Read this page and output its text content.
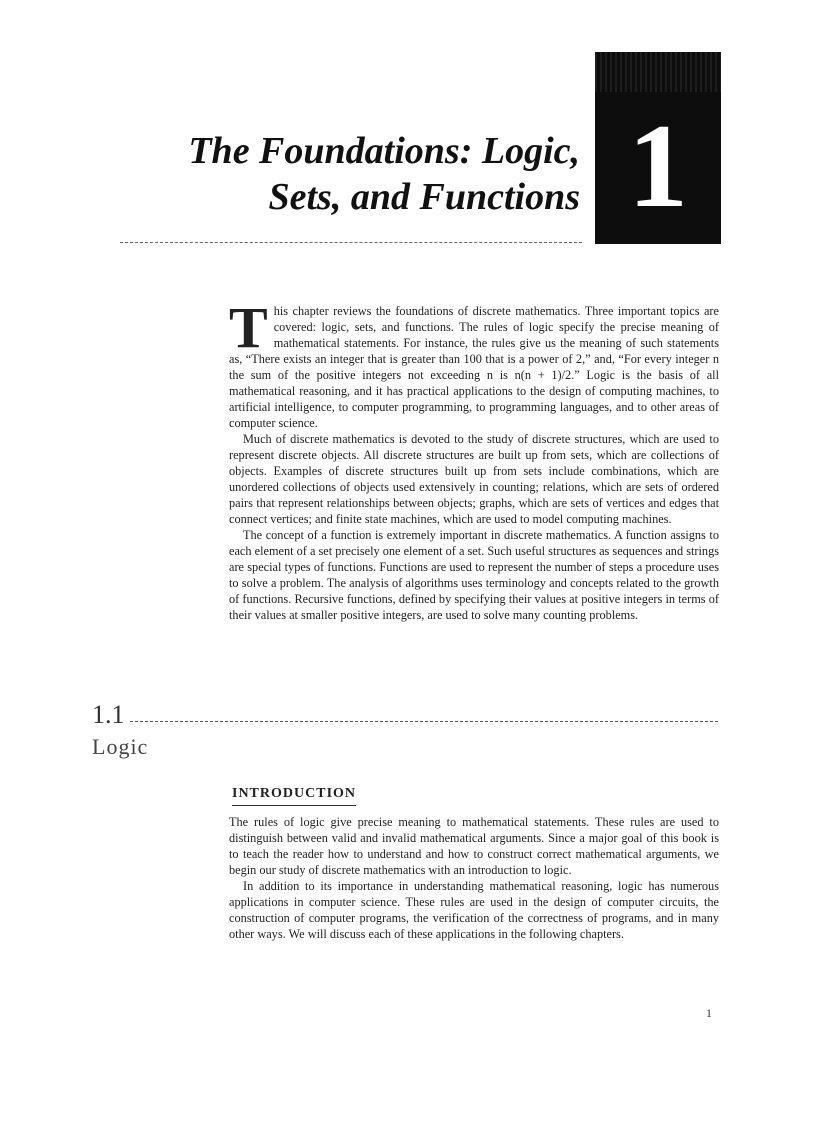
The Foundations: Logic,
Sets, and Functions 1

This chapter reviews the foundations of discrete mathematics. Three important topics are covered: logic, sets, and functions. The rules of logic specify the precise meaning of mathematical statements. For instance, the rules give us the meaning of such statements as, “There exists an integer that is greater than 100 that is a power of 2,” and, “For every integer n the sum of the positive integers not exceeding n is n(n + 1)/2.” Logic is the basis of all mathematical reasoning, and it has practical applications to the design of computing machines, to artificial intelligence, to computer programming, to programming languages, and to other areas of computer science.

Much of discrete mathematics is devoted to the study of discrete structures, which are used to represent discrete objects. All discrete structures are built up from sets, which are collections of objects. Examples of discrete structures built up from sets include combinations, which are unordered collections of objects used extensively in counting; relations, which are sets of ordered pairs that represent relationships between objects; graphs, which are sets of vertices and edges that connect vertices; and finite state machines, which are used to model computing machines.

The concept of a function is extremely important in discrete mathematics. A function assigns to each element of a set precisely one element of a set. Such useful structures as sequences and strings are special types of functions. Functions are used to represent the number of steps a procedure uses to solve a problem. The analysis of algorithms uses terminology and concepts related to the growth of functions. Recursive functions, defined by specifying their values at positive integers in terms of their values at smaller positive integers, are used to solve many counting problems.

1.1
Logic
INTRODUCTION

The rules of logic give precise meaning to mathematical statements. These rules are used to distinguish between valid and invalid mathematical arguments. Since a major goal of this book is to teach the reader how to understand and how to construct correct mathematical arguments, we begin our study of discrete mathematics with an introduction to logic.

In addition to its importance in understanding mathematical reasoning, logic has numerous applications in computer science. These rules are used in the design of computer circuits, the construction of computer programs, the verification of the correctness of programs, and in many other ways. We will discuss each of these applications in the following chapters.

1
